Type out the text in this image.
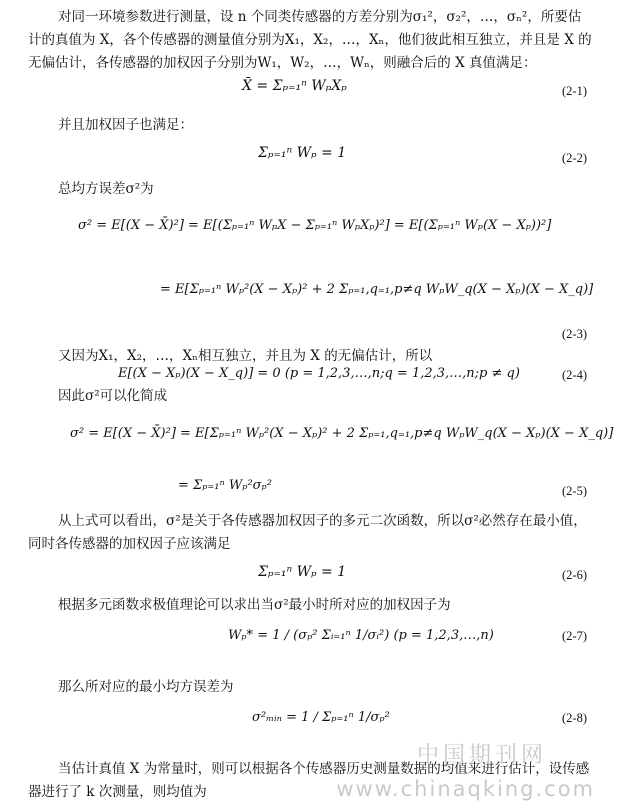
对同一环境参数进行测量，设 n 个同类传感器的方差分别为σ₁²，σ₂²，…，σₙ²，所要估计的真值为 X，各个传感器的测量值分别为X₁，X₂，…，Xₙ，他们彼此相互独立，并且是 X 的无偏估计，各传感器的加权因子分别为W₁，W₂，…，Wₙ，则融合后的 X 真值满足：
X̄ = Σₚ₌₁ⁿ WₚXₚ	(2-1)
并且加权因子也满足：
Σₚ₌₁ⁿ Wₚ = 1	(2-2)
总均方误差σ²为
σ² = E[(X − X̄)²] = E[(Σₚ₌₁ⁿ WₚX − Σₚ₌₁ⁿ WₚXₚ)²] = E[(Σₚ₌₁ⁿ Wₚ(X − Xₚ))²]
= E[Σₚ₌₁ⁿ Wₚ²(X − Xₚ)² + 2 Σₚ₌₁,q₌₁,p≠q WₚW_q(X − Xₚ)(X − X_q)]
(2-3)
又因为X₁，X₂，…，Xₙ相互独立，并且为 X 的无偏估计，所以
E[(X − Xₚ)(X − X_q)] = 0 (p = 1,2,3,…,n;q = 1,2,3,…,n;p ≠ q)	(2-4)
因此σ²可以化简成
σ² = E[(X − X̄)²] = E[Σₚ₌₁ⁿ Wₚ²(X − Xₚ)² + 2 Σₚ₌₁,q₌₁,p≠q WₚW_q(X − Xₚ)(X − X_q)]
= Σₚ₌₁ⁿ Wₚ²σₚ²	(2-5)
从上式可以看出，σ²是关于各传感器加权因子的多元二次函数，所以σ²必然存在最小值，同时各传感器的加权因子应该满足
Σₚ₌₁ⁿ Wₚ = 1	(2-6)
根据多元函数求极值理论可以求出当σ²最小时所对应的加权因子为
Wₚ* = 1 / (σₚ² Σᵢ₌₁ⁿ 1/σᵢ²) (p = 1,2,3,…,n)	(2-7)
那么所对应的最小均方误差为
σ²ₘᵢₙ = 1 / Σₚ₌₁ⁿ 1/σₚ²	(2-8)
当估计真值 X 为常量时，则可以根据各个传感器历史测量数据的均值来进行估计，设传感器进行了 k 次测量，则均值为
中国期刊网
www.chinaqking.com
